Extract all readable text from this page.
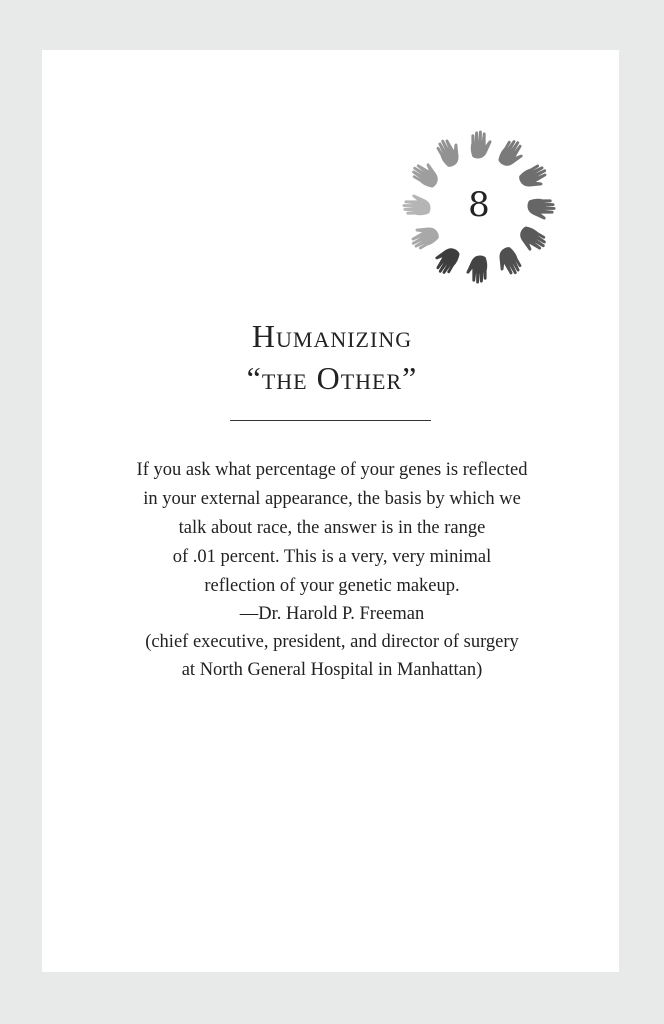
8
Humanizing
“the Other”
If you ask what percentage of your genes is reflected
in your external appearance, the basis by which we
talk about race, the answer is in the range
of .01 percent. This is a very, very minimal
reflection of your genetic makeup.
—Dr. Harold P. Freeman
(chief executive, president, and director of surgery
at North General Hospital in Manhattan)
